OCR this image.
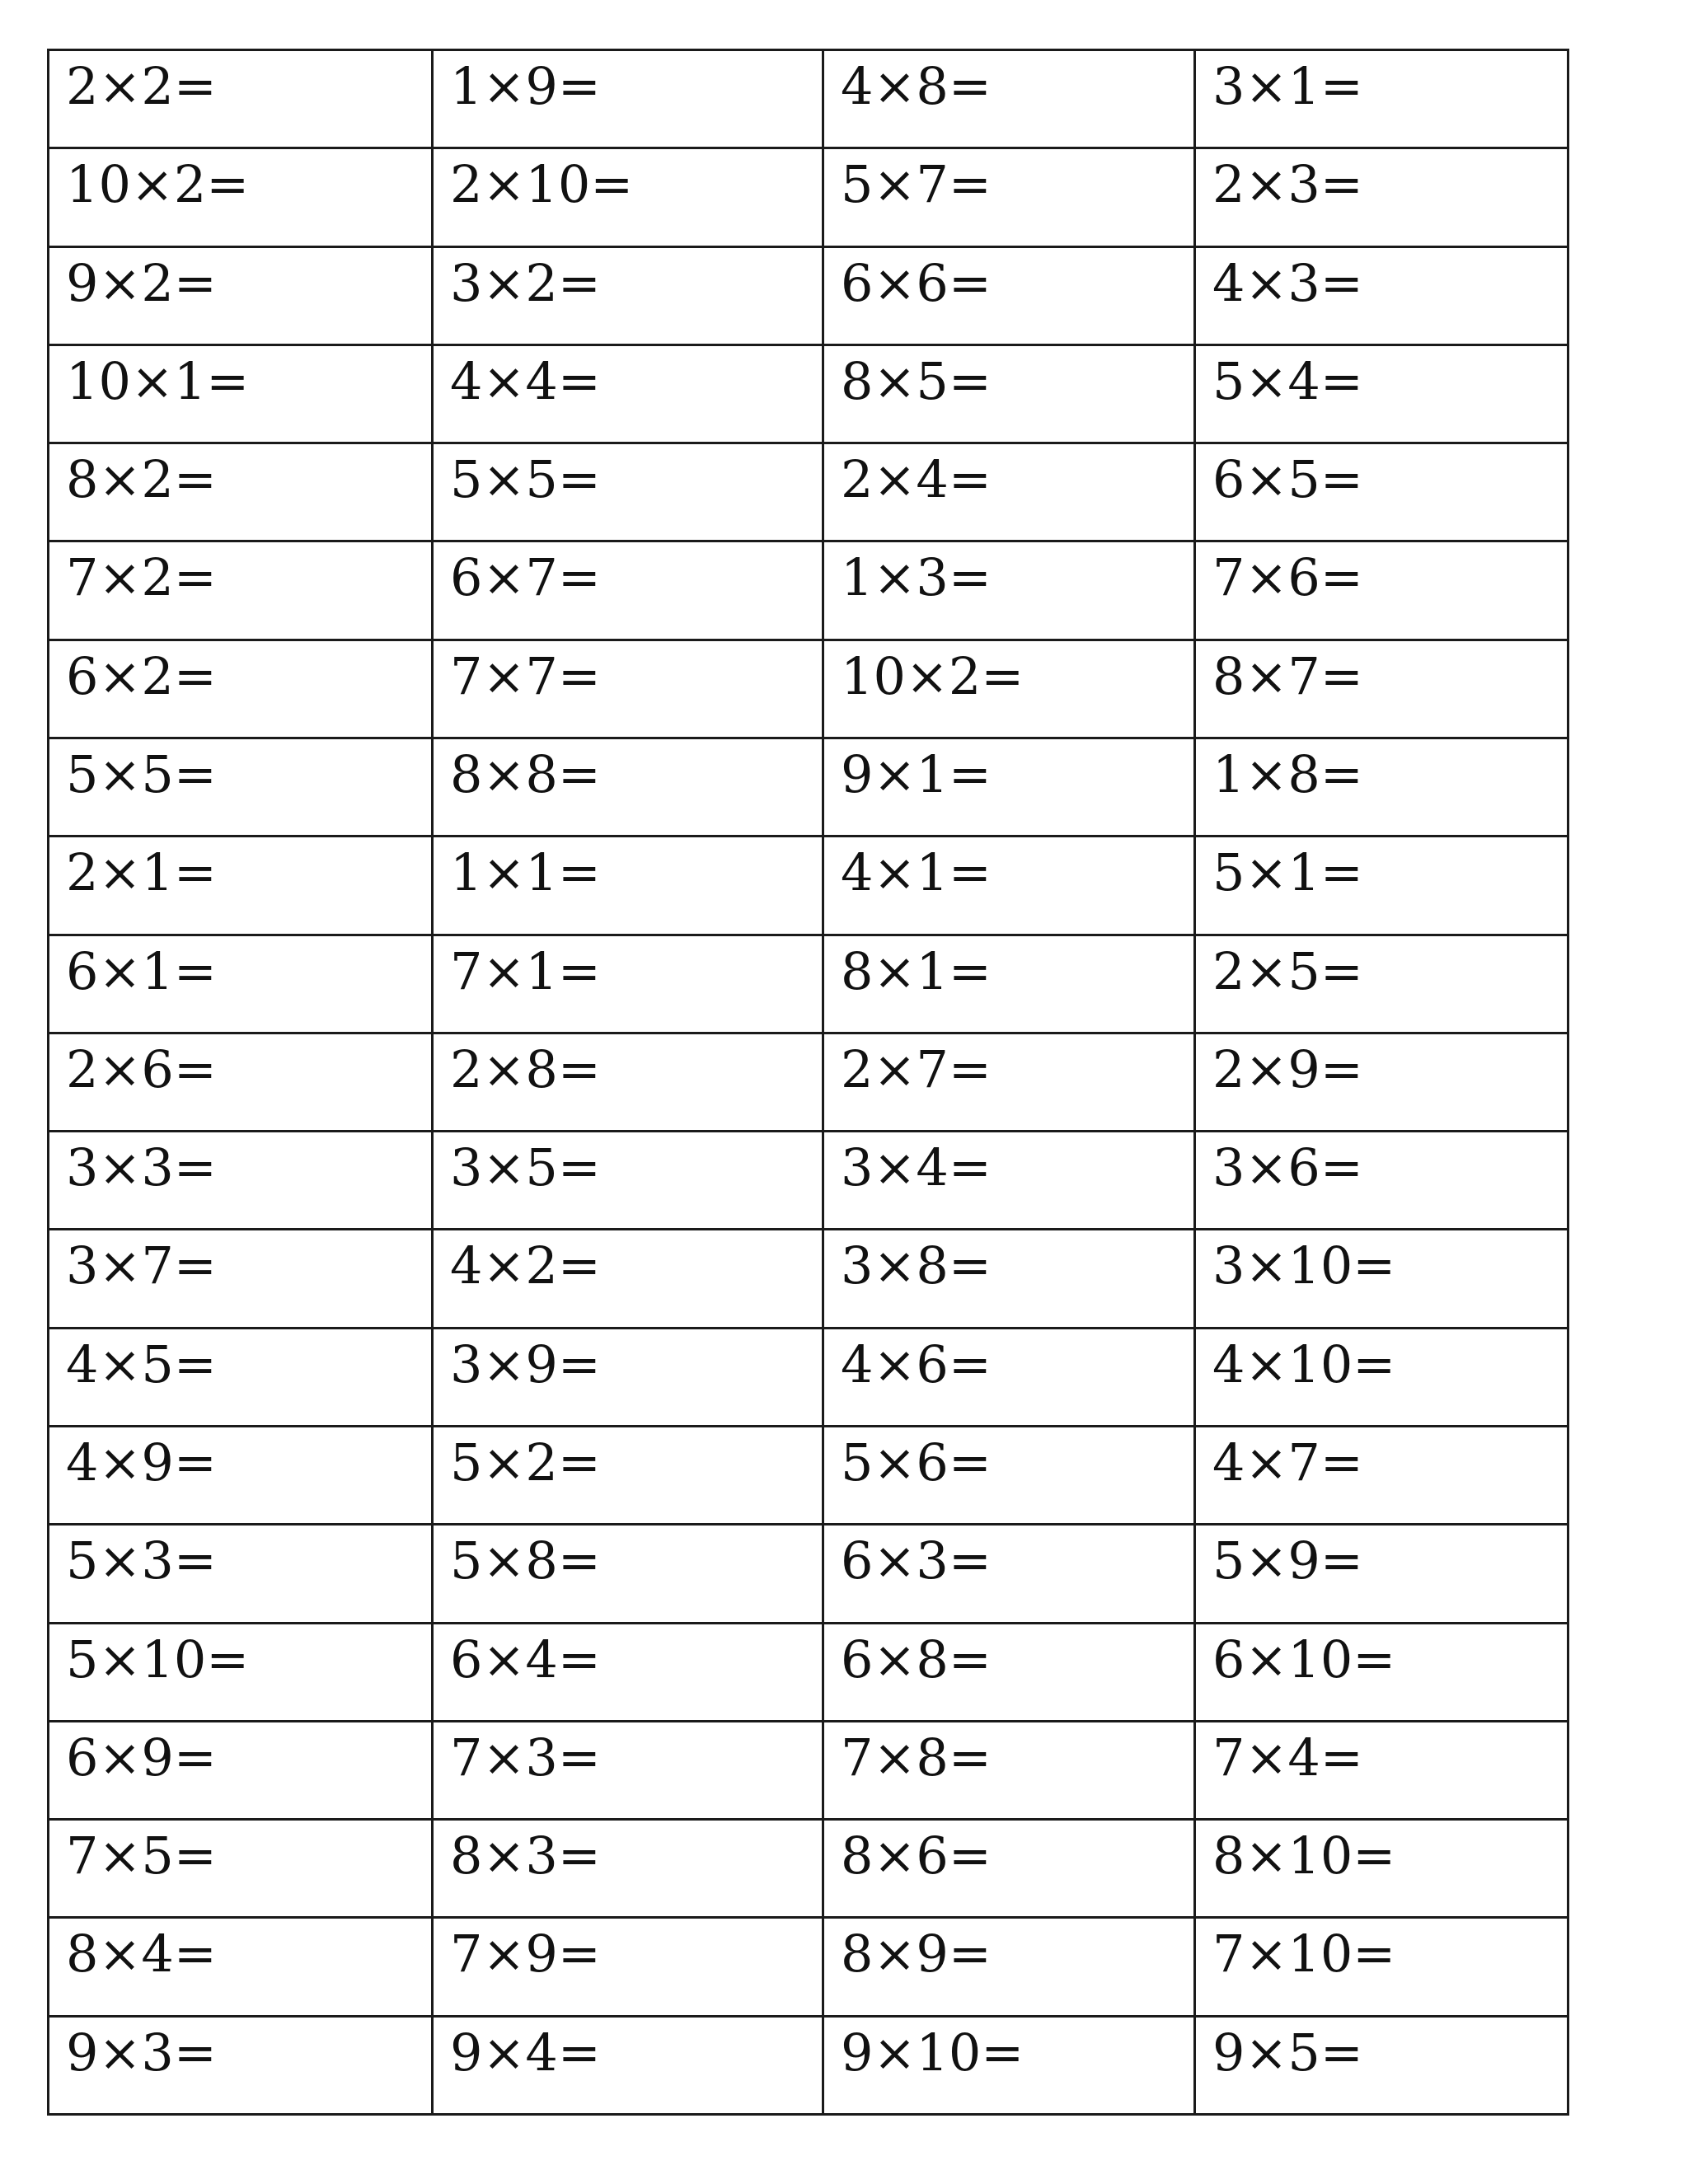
2×2=	1×9=	4×8=	3×1=
10×2=	2×10=	5×7=	2×3=
9×2=	3×2=	6×6=	4×3=
10×1=	4×4=	8×5=	5×4=
8×2=	5×5=	2×4=	6×5=
7×2=	6×7=	1×3=	7×6=
6×2=	7×7=	10×2=	8×7=
5×5=	8×8=	9×1=	1×8=
2×1=	1×1=	4×1=	5×1=
6×1=	7×1=	8×1=	2×5=
2×6=	2×8=	2×7=	2×9=
3×3=	3×5=	3×4=	3×6=
3×7=	4×2=	3×8=	3×10=
4×5=	3×9=	4×6=	4×10=
4×9=	5×2=	5×6=	4×7=
5×3=	5×8=	6×3=	5×9=
5×10=	6×4=	6×8=	6×10=
6×9=	7×3=	7×8=	7×4=
7×5=	8×3=	8×6=	8×10=
8×4=	7×9=	8×9=	7×10=
9×3=	9×4=	9×10=	9×5=
